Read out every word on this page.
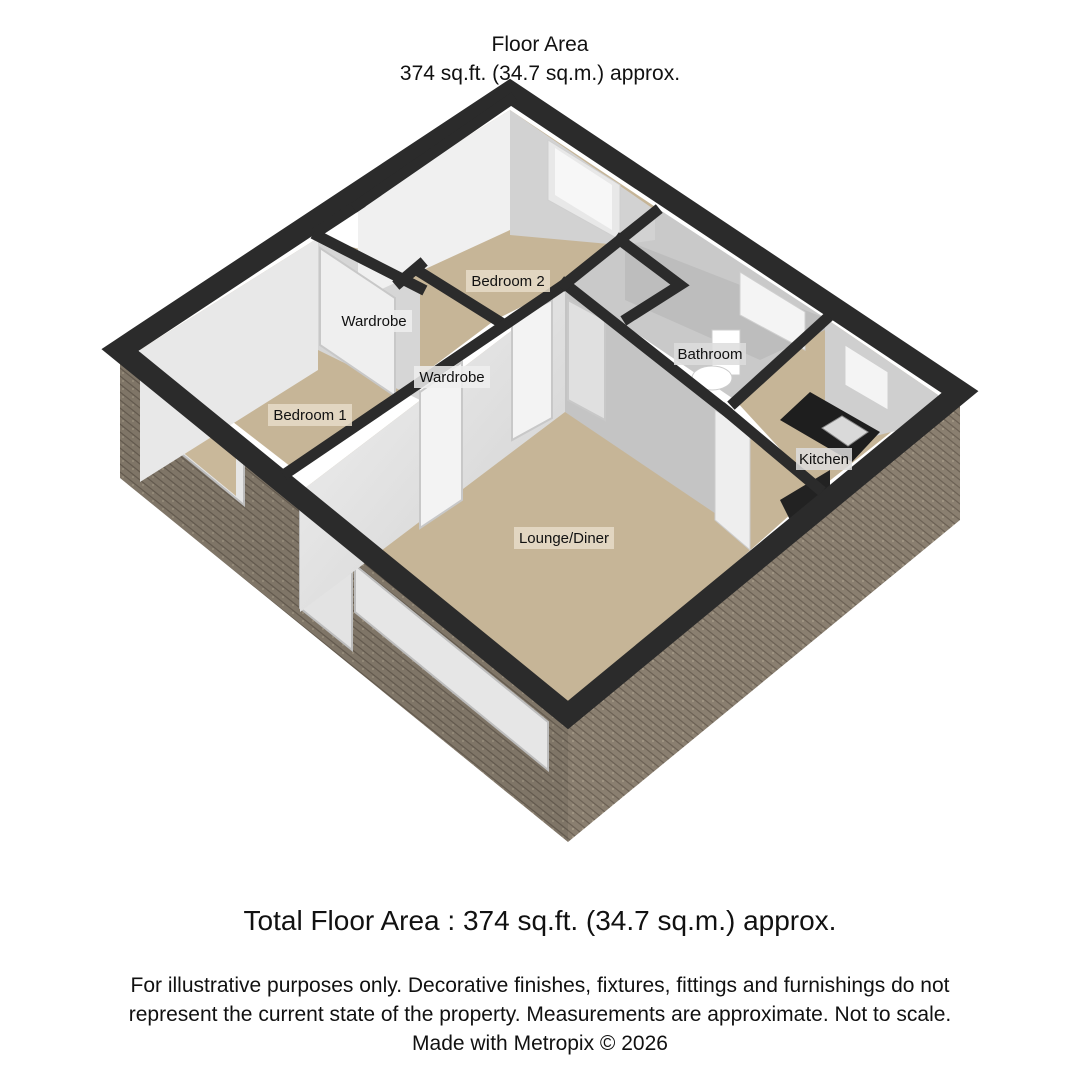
Floor Area
374 sq.ft. (34.7 sq.m.) approx.
Bedroom 2
Wardrobe
Wardrobe
Bedroom 1
Bathroom
Kitchen
Lounge/Diner
Total Floor Area : 374 sq.ft. (34.7 sq.m.) approx.
For illustrative purposes only. Decorative finishes, fixtures, fittings and furnishings do not
represent the current state of the property. Measurements are approximate. Not to scale.
Made with Metropix © 2026
